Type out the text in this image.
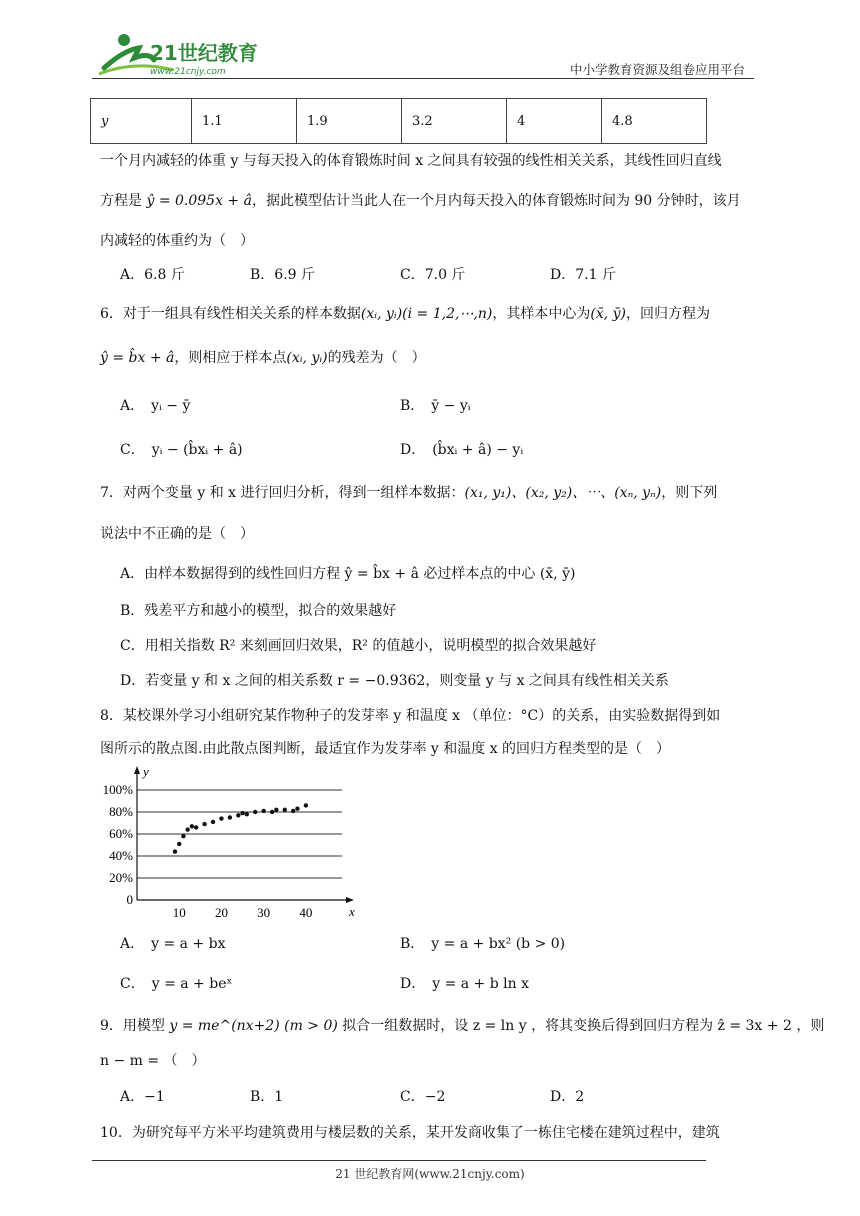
21世纪教育
www.21cnjy.com	中小学教育资源及组卷应用平台
y	1.1	1.9	3.2	4	4.8
一个月内减轻的体重 y 与每天投入的体育锻炼时间 x 之间具有较强的线性相关关系，其线性回归直线
方程是 ŷ = 0.095x + â，据此模型估计当此人在一个月内每天投入的体育锻炼时间为 90 分钟时，该月
内减轻的体重约为（　）
A．6.8 斤	B．6.9 斤	C．7.0 斤	D．7.1 斤
6．对于一组具有线性相关关系的样本数据(xᵢ, yᵢ)(i = 1,2,⋯,n)，其样本中心为(x̄, ȳ)，回归方程为
ŷ = b̂x + â，则相应于样本点(xᵢ, yᵢ)的残差为（　）
A．　yᵢ − ȳ	B．　ȳ − yᵢ
C．　yᵢ − (b̂xᵢ + â)	D．　(b̂xᵢ + â) − yᵢ
7．对两个变量 y 和 x 进行回归分析，得到一组样本数据：(x₁, y₁)、(x₂, y₂)、⋯、(xₙ, yₙ)，则下列
说法中不正确的是（　）
A．由样本数据得到的线性回归方程 ŷ = b̂x + â 必过样本点的中心 (x̄, ȳ)
B．残差平方和越小的模型，拟合的效果越好
C．用相关指数 R² 来刻画回归效果，R² 的值越小，说明模型的拟合效果越好
D．若变量 y 和 x 之间的相关系数 r = −0.9362，则变量 y 与 x 之间具有线性相关关系
8．某校课外学习小组研究某作物种子的发芽率 y 和温度 x （单位：°C）的关系，由实验数据得到如
图所示的散点图.由此散点图判断，最适宜作为发芽率 y 和温度 x 的回归方程类型的是（　）
0
20%
40%
60%
80%
100%
y
x
10 20 30 40
A．　y = a + bx	B．　y = a + bx² (b > 0)
C．　y = a + beˣ	D．　y = a + b ln x
9．用模型 y = me^(nx+2) (m > 0) 拟合一组数据时，设 z = ln y ，将其变换后得到回归方程为 ẑ = 3x + 2 ，则
n − m = （　）
A．−1	B．1	C．−2	D．2
10．为研究每平方米平均建筑费用与楼层数的关系，某开发商收集了一栋住宅楼在建筑过程中，建筑
21 世纪教育网(www.21cnjy.com)
